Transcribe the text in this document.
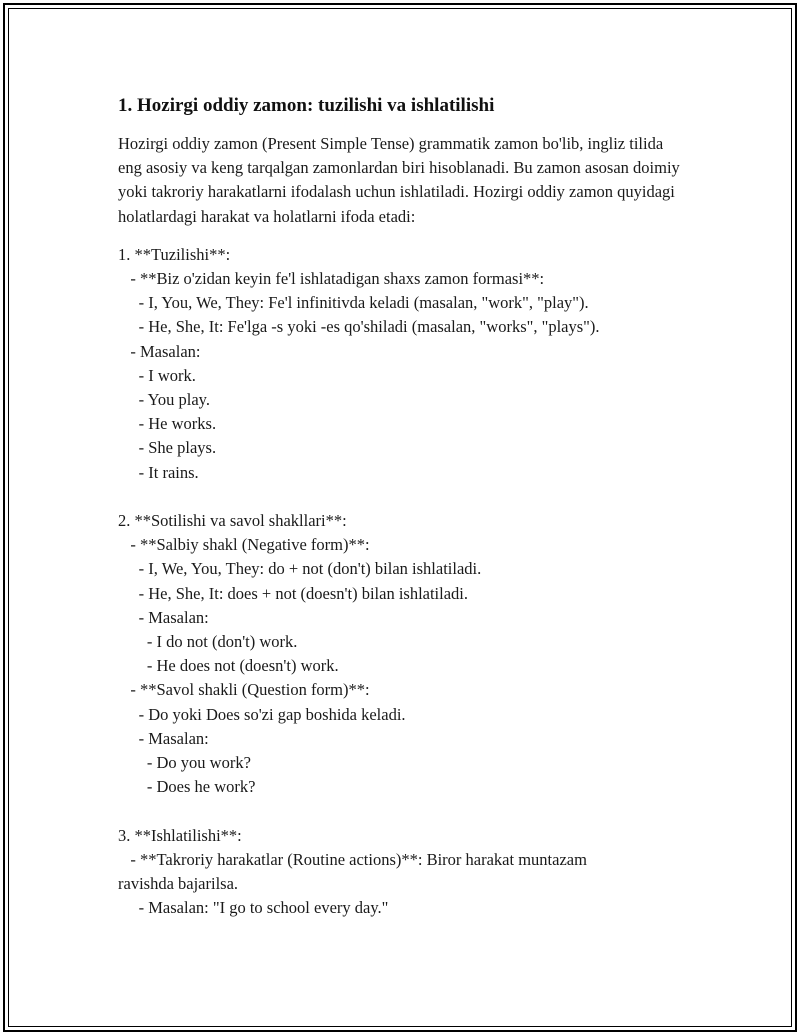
1. Hozirgi oddiy zamon: tuzilishi va ishlatilishi

Hozirgi oddiy zamon (Present Simple Tense) grammatik zamon bo'lib, ingliz tilida eng asosiy va keng tarqalgan zamonlardan biri hisoblanadi. Bu zamon asosan doimiy yoki takroriy harakatlarni ifodalash uchun ishlatiladi. Hozirgi oddiy zamon quyidagi holatlardagi harakat va holatlarni ifoda etadi:

1. **Tuzilishi**:
- **Biz o'zidan keyin fe'l ishlatadigan shaxs zamon formasi**:
- I, You, We, They: Fe'l infinitivda keladi (masalan, "work", "play").
- He, She, It: Fe'lga -s yoki -es qo'shiladi (masalan, "works", "plays").
- Masalan:
- I work.
- You play.
- He works.
- She plays.
- It rains.
2. **Sotilishi va savol shakllari**:
- **Salbiy shakl (Negative form)**:
- I, We, You, They: do + not (don't) bilan ishlatiladi.
- He, She, It: does + not (doesn't) bilan ishlatiladi.
- Masalan:
- I do not (don't) work.
- He does not (doesn't) work.
- **Savol shakli (Question form)**:
- Do yoki Does so'zi gap boshida keladi.
- Masalan:
- Do you work?
- Does he work?
3. **Ishlatilishi**:
- **Takroriy harakatlar (Routine actions)**: Biror harakat muntazam
ravishda bajarilsa.
- Masalan: "I go to school every day."
